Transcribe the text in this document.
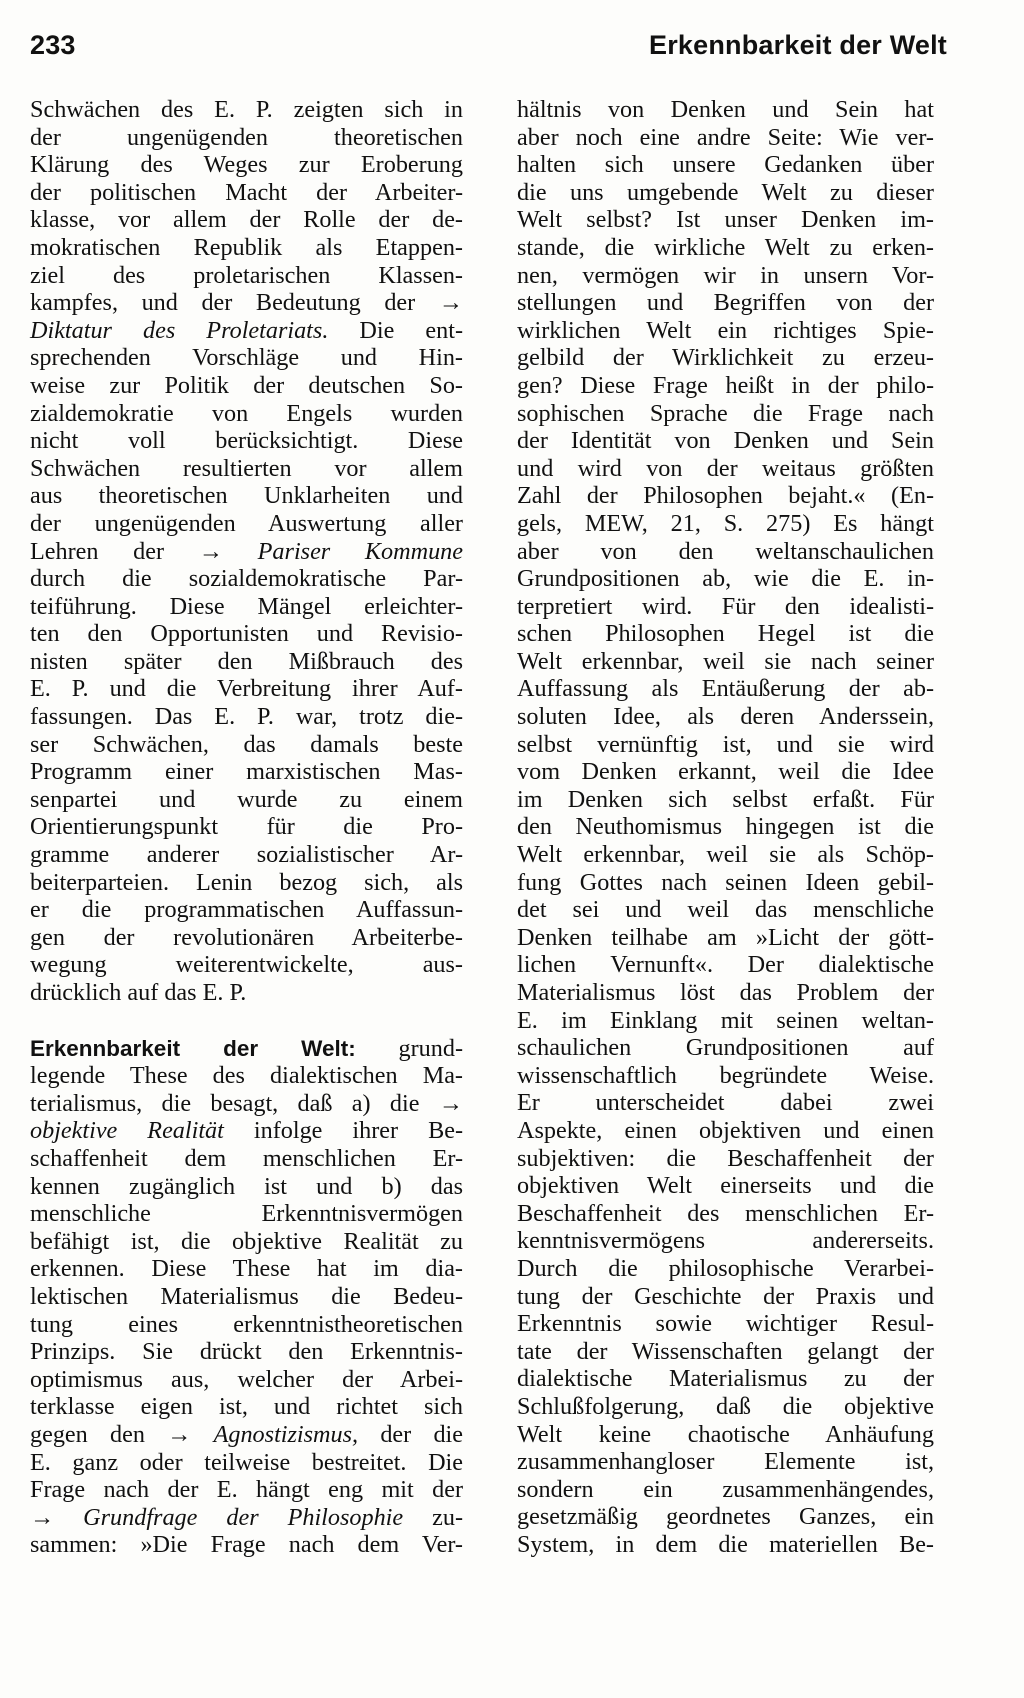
233	Erkennbarkeit der Welt
Schwächen des E. P. zeigten sich in
der ungenügenden theoretischen
Klärung des Weges zur Eroberung
der politischen Macht der Arbeiter-
klasse, vor allem der Rolle der de-
mokratischen Republik als Etappen-
ziel des proletarischen Klassen-
kampfes, und der Bedeutung der →
Diktatur des Proletariats. Die ent-
sprechenden Vorschläge und Hin-
weise zur Politik der deutschen So-
zialdemokratie von Engels wurden
nicht voll berücksichtigt. Diese
Schwächen resultierten vor allem
aus theoretischen Unklarheiten und
der ungenügenden Auswertung aller
Lehren der → Pariser Kommune
durch die sozialdemokratische Par-
teiführung. Diese Mängel erleichter-
ten den Opportunisten und Revisio-
nisten später den Mißbrauch des
E. P. und die Verbreitung ihrer Auf-
fassungen. Das E. P. war, trotz die-
ser Schwächen, das damals beste
Programm einer marxistischen Mas-
senpartei und wurde zu einem
Orientierungspunkt für die Pro-
gramme anderer sozialistischer Ar-
beiterparteien. Lenin bezog sich, als
er die programmatischen Auffassun-
gen der revolutionären Arbeiterbe-
wegung weiterentwickelte, aus-
drücklich auf das E. P.
Erkennbarkeit der Welt: grund-
legende These des dialektischen Ma-
terialismus, die besagt, daß a) die →
objektive Realität infolge ihrer Be-
schaffenheit dem menschlichen Er-
kennen zugänglich ist und b) das
menschliche Erkenntnisvermögen
befähigt ist, die objektive Realität zu
erkennen. Diese These hat im dia-
lektischen Materialismus die Bedeu-
tung eines erkenntnistheoretischen
Prinzips. Sie drückt den Erkenntnis-
optimismus aus, welcher der Arbei-
terklasse eigen ist, und richtet sich
gegen den → Agnostizismus, der die
E. ganz oder teilweise bestreitet. Die
Frage nach der E. hängt eng mit der
→ Grundfrage der Philosophie zu-
sammen: »Die Frage nach dem Ver-
hältnis von Denken und Sein hat
aber noch eine andre Seite: Wie ver-
halten sich unsere Gedanken über
die uns umgebende Welt zu dieser
Welt selbst? Ist unser Denken im-
stande, die wirkliche Welt zu erken-
nen, vermögen wir in unsern Vor-
stellungen und Begriffen von der
wirklichen Welt ein richtiges Spie-
gelbild der Wirklichkeit zu erzeu-
gen? Diese Frage heißt in der philo-
sophischen Sprache die Frage nach
der Identität von Denken und Sein
und wird von der weitaus größten
Zahl der Philosophen bejaht.« (En-
gels, MEW, 21, S. 275) Es hängt
aber von den weltanschaulichen
Grundpositionen ab, wie die E. in-
terpretiert wird. Für den idealisti-
schen Philosophen Hegel ist die
Welt erkennbar, weil sie nach seiner
Auffassung als Entäußerung der ab-
soluten Idee, als deren Anderssein,
selbst vernünftig ist, und sie wird
vom Denken erkannt, weil die Idee
im Denken sich selbst erfaßt. Für
den Neuthomismus hingegen ist die
Welt erkennbar, weil sie als Schöp-
fung Gottes nach seinen Ideen gebil-
det sei und weil das menschliche
Denken teilhabe am »Licht der gött-
lichen Vernunft«. Der dialektische
Materialismus löst das Problem der
E. im Einklang mit seinen weltan-
schaulichen Grundpositionen auf
wissenschaftlich begründete Weise.
Er unterscheidet dabei zwei
Aspekte, einen objektiven und einen
subjektiven: die Beschaffenheit der
objektiven Welt einerseits und die
Beschaffenheit des menschlichen Er-
kenntnisvermögens andererseits.
Durch die philosophische Verarbei-
tung der Geschichte der Praxis und
Erkenntnis sowie wichtiger Resul-
tate der Wissenschaften gelangt der
dialektische Materialismus zu der
Schlußfolgerung, daß die objektive
Welt keine chaotische Anhäufung
zusammenhangloser Elemente ist,
sondern ein zusammenhängendes,
gesetzmäßig geordnetes Ganzes, ein
System, in dem die materiellen Be-
